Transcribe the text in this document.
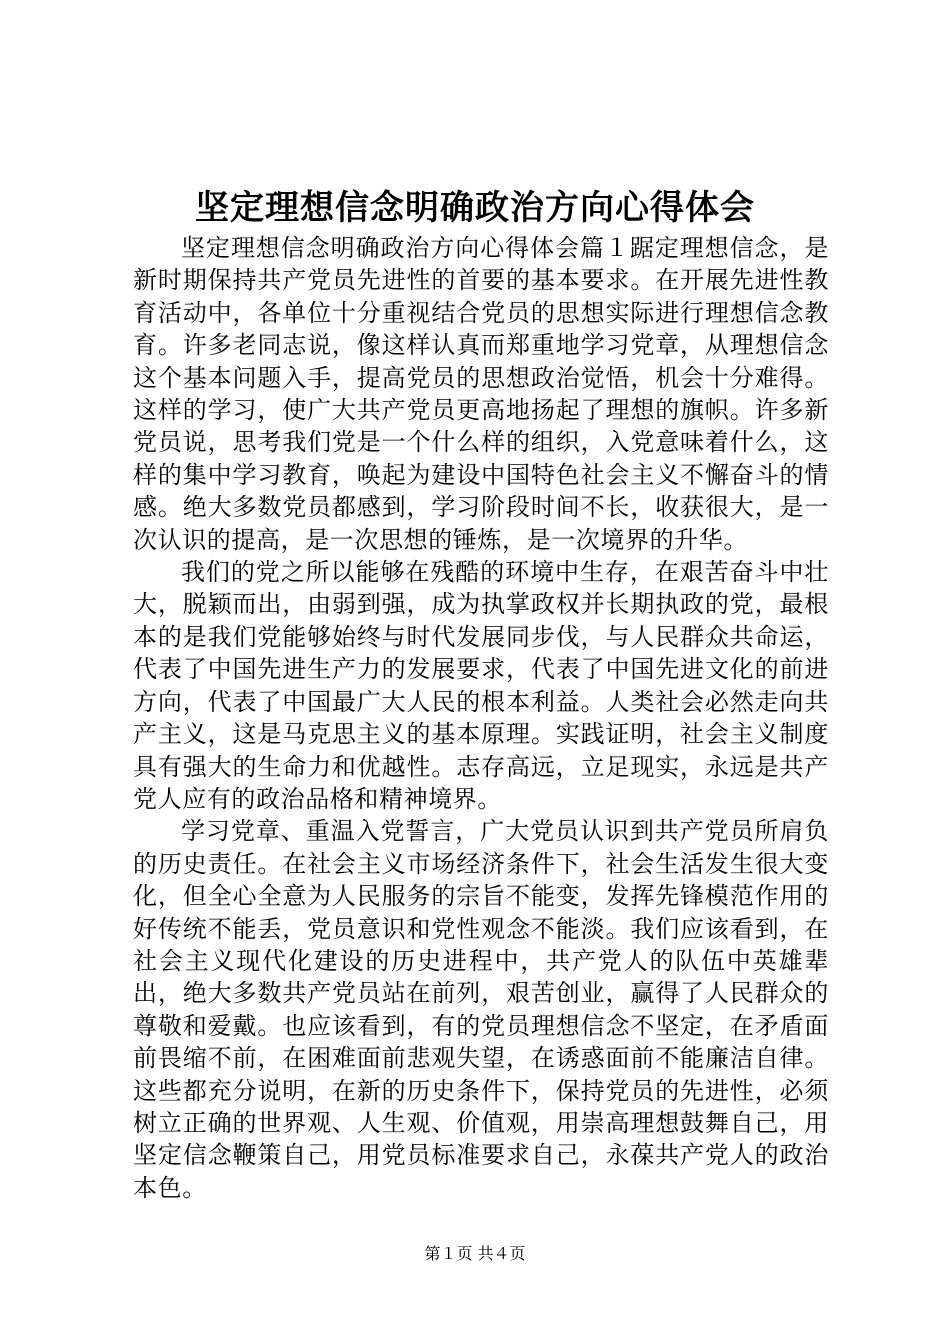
坚定理想信念明确政治方向心得体会

坚定理想信念明确政治方向心得体会篇１踞定理想信念，是新时期保持共产党员先进性的首要的基本要求。在开展先进性教育活动中，各单位十分重视结合党员的思想实际进行理想信念教育。许多老同志说，像这样认真而郑重地学习党章，从理想信念这个基本问题入手，提高党员的思想政治觉悟，机会十分难得。这样的学习，使广大共产党员更高地扬起了理想的旗帜。许多新党员说，思考我们党是一个什么样的组织，入党意味着什么，这样的集中学习教育，唤起为建设中国特色社会主义不懈奋斗的情感。绝大多数党员都感到，学习阶段时间不长，收获很大，是一次认识的提高，是一次思想的锤炼，是一次境界的升华。

我们的党之所以能够在残酷的环境中生存，在艰苦奋斗中壮大，脱颖而出，由弱到强，成为执掌政权并长期执政的党，最根本的是我们党能够始终与时代发展同步伐，与人民群众共命运，代表了中国先进生产力的发展要求，代表了中国先进文化的前进方向，代表了中国最广大人民的根本利益。人类社会必然走向共产主义，这是马克思主义的基本原理。实践证明，社会主义制度具有强大的生命力和优越性。志存高远，立足现实，永远是共产党人应有的政治品格和精神境界。

学习党章、重温入党誓言，广大党员认识到共产党员所肩负的历史责任。在社会主义市场经济条件下，社会生活发生很大变化，但全心全意为人民服务的宗旨不能变，发挥先锋模范作用的好传统不能丢，党员意识和党性观念不能淡。我们应该看到，在社会主义现代化建设的历史进程中，共产党人的队伍中英雄辈出，绝大多数共产党员站在前列，艰苦创业，赢得了人民群众的尊敬和爱戴。也应该看到，有的党员理想信念不坚定，在矛盾面前畏缩不前，在困难面前悲观失望，在诱惑面前不能廉洁自律。这些都充分说明，在新的历史条件下，保持党员的先进性，必须树立正确的世界观、人生观、价值观，用崇高理想鼓舞自己，用坚定信念鞭策自己，用党员标准要求自己，永葆共产党人的政治本色。

第１页 共４页
